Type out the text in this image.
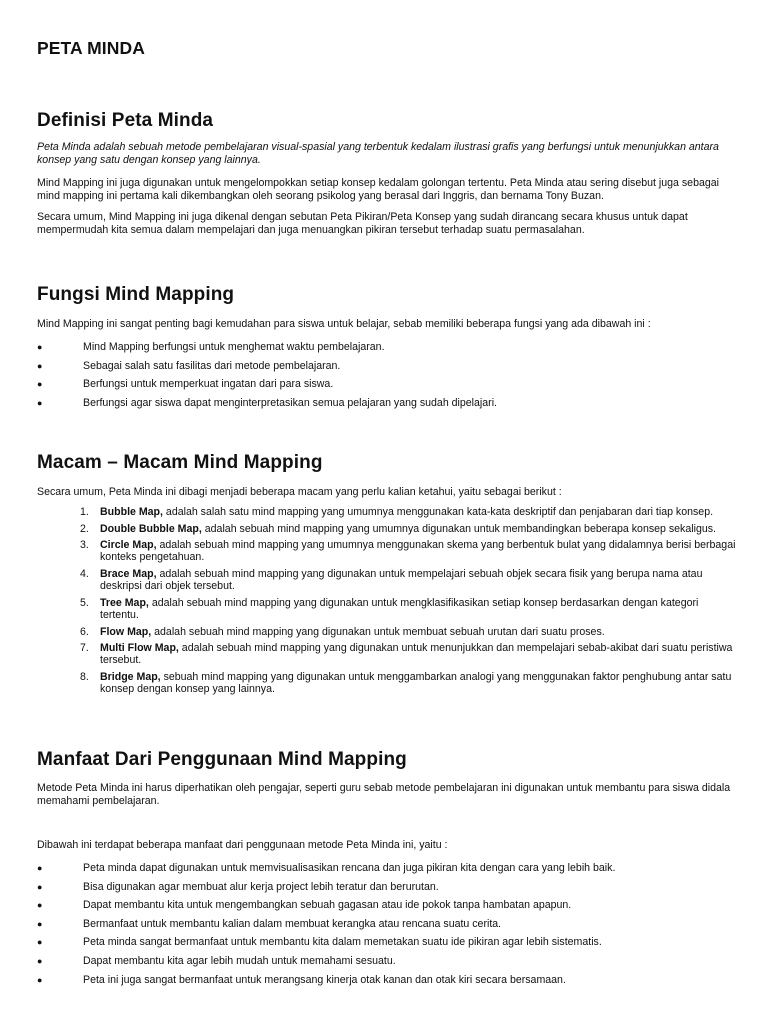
PETA MINDA
Definisi Peta Minda

Peta Minda adalah sebuah metode pembelajaran visual-spasial yang terbentuk kedalam ilustrasi grafis yang berfungsi untuk menunjukkan antara konsep yang satu dengan konsep yang lainnya.

Mind Mapping ini juga digunakan untuk mengelompokkan setiap konsep kedalam golongan tertentu. Peta Minda atau sering disebut juga sebagai mind mapping ini pertama kali dikembangkan oleh seorang psikolog yang berasal dari Inggris, dan bernama Tony Buzan.

Secara umum, Mind Mapping ini juga dikenal dengan sebutan Peta Pikiran/Peta Konsep yang sudah dirancang secara khusus untuk dapat mempermudah kita semua dalam mempelajari dan juga menuangkan pikiran tersebut terhadap suatu permasalahan.

Fungsi Mind Mapping

Mind Mapping ini sangat penting bagi kemudahan para siswa untuk belajar, sebab memiliki beberapa fungsi yang ada dibawah ini :

●	Mind Mapping berfungsi untuk menghemat waktu pembelajaran.
●	Sebagai salah satu fasilitas dari metode pembelajaran.
●	Berfungsi untuk memperkuat ingatan dari para siswa.
●	Berfungsi agar siswa dapat menginterpretasikan semua pelajaran yang sudah dipelajari.
Macam – Macam Mind Mapping

Secara umum, Peta Minda ini dibagi menjadi beberapa macam yang perlu kalian ketahui, yaitu sebagai berikut :

1. Bubble Map, adalah salah satu mind mapping yang umumnya menggunakan kata-kata deskriptif dan penjabaran dari tiap konsep.
2. Double Bubble Map, adalah sebuah mind mapping yang umumnya digunakan untuk membandingkan beberapa konsep sekaligus.
3. Circle Map, adalah sebuah mind mapping yang umumnya menggunakan skema yang berbentuk bulat yang didalamnya berisi berbagai konteks pengetahuan.
4. Brace Map, adalah sebuah mind mapping yang digunakan untuk mempelajari sebuah objek secara fisik yang berupa nama atau deskripsi dari objek tersebut.
5. Tree Map, adalah sebuah mind mapping yang digunakan untuk mengklasifikasikan setiap konsep berdasarkan dengan kategori tertentu.
6. Flow Map, adalah sebuah mind mapping yang digunakan untuk membuat sebuah urutan dari suatu proses.
7. Multi Flow Map, adalah sebuah mind mapping yang digunakan untuk menunjukkan dan mempelajari sebab-akibat dari suatu peristiwa tersebut.
8. Bridge Map, sebuah mind mapping yang digunakan untuk menggambarkan analogi yang menggunakan faktor penghubung antar satu konsep dengan konsep yang lainnya.
Manfaat Dari Penggunaan Mind Mapping

Metode Peta Minda ini harus diperhatikan oleh pengajar, seperti guru sebab metode pembelajaran ini digunakan untuk membantu para siswa didala memahami pembelajaran.

Dibawah ini terdapat beberapa manfaat dari penggunaan metode Peta Minda ini, yaitu :

●	Peta minda dapat digunakan untuk memvisualisasikan rencana dan juga pikiran kita dengan cara yang lebih baik.
●	Bisa digunakan agar membuat alur kerja project lebih teratur dan berurutan.
●	Dapat membantu kita untuk mengembangkan sebuah gagasan atau ide pokok tanpa hambatan apapun.
●	Bermanfaat untuk membantu kalian dalam membuat kerangka atau rencana suatu cerita.
●	Peta minda sangat bermanfaat untuk membantu kita dalam memetakan suatu ide pikiran agar lebih sistematis.
●	Dapat membantu kita agar lebih mudah untuk memahami sesuatu.
●	Peta ini juga sangat bermanfaat untuk merangsang kinerja otak kanan dan otak kiri secara bersamaan.
